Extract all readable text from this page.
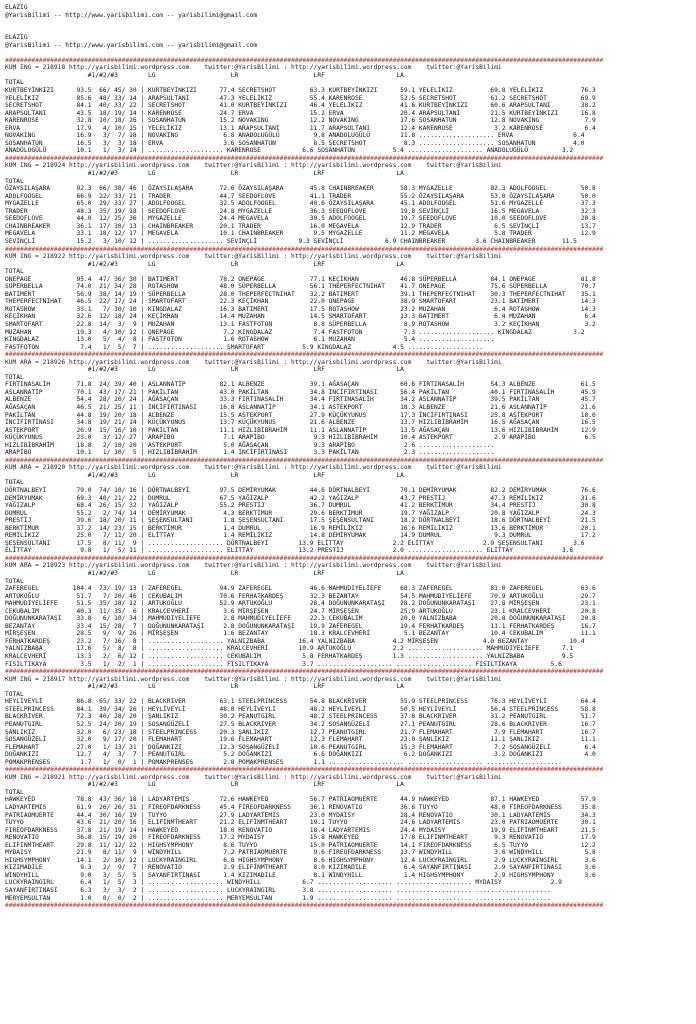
ELAZIG
@YarisBilimi -- http://www.yarisbilimi.com -- yarisbilimi@gmail.com
ELAZIG
@YarisBilimi -- http://www.yarisbilimi.com -- yarisbilimi@gmail.com
###############################################################################################################################################################
KUM ING = 218918 http://yarisbilimi.wordpress.com    twitter:@YarisBilimi : http://yarisbilimi.wordpress.com    twitter:@YarisBilimi
#1/#2/#3        LG                    LR                    LRF                   LA
TOTAL
KURTBEYİNKIZI      93.5  66/ 45/ 30 | KURTBEYİNKIZI      77.4 SECRETSHOT         63.3 KURTBEYİNKIZI      59.1 YELELİKIZ          69.8 YELELİKIZ          76.3
YELELİKIZ          85.6  48/ 33/ 14 | ARAPSULTANI        47.3 YELELİKIZ          55.4 KARENROSE          52.5 SECRETSHOT         61.2 SECRETSHOT         69.9
SECRETSHOT         84.1  40/ 33/ 22 | SECRETSHOT         41.0 KURTBEYİNKIZI      46.4 YELELİKIZ          41.6 KURTBEYİNKIZI      60.6 ARAPSULTANI        38.2
ARAPSULTANI        43.5  18/ 19/ 14 | KARENROSE          24.7 ERVA               15.2 ERVA               20.4 ARAPSULTANI        21.5 KURTBEYİNKIZI      16.8
KARENROSE          32.8  10/ 18/ 26 | SOSANHATUN         15.2 NOVAKING           12.2 NOVAKING           17.6 SOSANHATUN         12.8 NOVAKING            7.9
ERVA               17.9   4/ 10/ 15 | YELELİKIZ          13.1 ARAPSULTANI        11.7 ARAPSULTANI        12.4 KARENROSE           3.2 KARENROSE           6.4
NOVAKING           16.9   3/  7/ 18 | NOVAKING            6.8 ANADOLUGÜLÜ         9.8 ANADOLUGÜLÜ        11.8 .................... ERVA                6.4
SOSANHATUN         16.5   3/  3/ 18 | ERVA                3.6 SOSANHATUN          8.5 SECRETSHOT          8.3 .................... SOSANHATUN          4.0
ANADOLUGÜLÜ        10.1   1/  3/ 14 | .................... KARENROSE           6.6 SOSANHATUN          5.4 .................... ANADOLUGÜLÜ         3.2
###############################################################################################################################################################
KUM ING = 218924 http://yarisbilimi.wordpress.com    twitter:@YarisBilimi : http://yarisbilimi.wordpress.com    twitter:@YarisBilimi
#1/#2/#3        LG                    LR                    LRF                   LA
TOTAL
ÖZAYSILAŞARA       92.3  66/ 38/ 46 | ÖZAYSILAŞARA       72.6 ÖZAYSILAŞARA       45.8 CHAINBREAKER       58.3 MYGAZELLE          82.3 ADOLFOOGEL         50.8
ADOLFOOGEL         66.9  22/ 33/ 21 | TRADER             44.7 SEEDOFLOVE         41.1 TRADER             55.2 ÖZAYSILAŞARA       53.0 ÖZAYSILAŞARA       50.0
MYGAZELLE          65.0  29/ 33/ 27 | ADOLFOOGEL         32.5 ADOLFOOGEL         40.6 ÖZAYSILAŞARA       45.1 ADOLFOOGEL         51.6 MYGAZELLE          37.3
TRADER             48.3  35/ 19/ 18 | SEEDOFLOVE         24.8 MYGAZELLE          36.3 SEEDOFLOVE         19.8 SEVİNÇLİ           16.5 MEGAVELA           32.3
SEEDOFLOVE         44.0  12/ 25/ 36 | MYGAZELLE          24.4 MEGAVELA           30.5 ADOLFOOGEL         19.7 SEEDOFLOVE         10.0 SEEDOFLOVE         20.8
CHAINBREAKER       36.1  17/ 30/ 13 | CHAINBREAKER       20.1 TRADER             16.0 MEGAVELA           12.9 TRADER              6.5 SEVİNÇLİ           13.7
MEGAVELA           33.1  18/ 12/ 17 | MEGAVELA           10.1 CHAINBREAKER        9.5 MYGAZELLE          11.2 MEGAVELA            5.8 TRADER             12.9
SEVİNÇLİ           15.2   3/ 10/ 12 | .................... SEVİNÇLİ           9.3 SEVİNÇLİ           6.9 CHAINBREAKER        3.6 CHAINBREAKER       11.5
###############################################################################################################################################################
KUM ING = 218922 http://yarisbilimi.wordpress.com    twitter:@YarisBilimi : http://yarisbilimi.wordpress.com    twitter:@YarisBilimi
#1/#2/#3        LG                    LR                    LRF                   LA
TOTAL
ONEPAGE            95.4  47/ 36/ 30 | BATIMERT           78.2 ONEPAGE            77.1 KEÇİKHAN           46.8 SÜPERBELLA         84.1 ONEPAGE            81.8
SÜPERBELLA         74.0  21/ 34/ 28 | ROTASHOW           48.0 SÜPERBELLA         56.1 THEPERFECTNIHAT    41.7 ONEPAGE            75.6 SÜPERBELLA         70.7
BATIMERT           56.9  38/ 14/ 19 | SÜPERBELLA         28.0 THEPERFECTNIHAT    32.2 BATIMERT           39.1 THEPERFECTNIHAT    30.3 THEPERFECTNIHAT    35.1
THEPERFECTNIHAT    46.5  22/ 17/ 24 | SMARTOFART         22.3 KEÇİKHAN           22.0 ONEPAGE            38.9 SMARTOFART         23.1 BATIMERT           14.3
ROTASHOW           33.1   7/ 30/ 10 | KINGDALAZ          16.3 BATIMERT           17.5 ROTASHOW           23.2 MUZAHAN             6.4 ROTASHOW           14.3
KEÇİKHAN           32.6  12/ 18/ 24 | KEÇİKHAN           14.4 MUZAHAN            14.5 SMARTOFART         13.3 BATIMERT            6.4 MUZAHAN             6.4
SMARTOFART         22.8  14/  3/  9 | MUZAHAN            13.1 FASTFOTON           8.8 SÜPERBELLA          8.9 ROTASHOW            3.2 KEÇİKHAN            3.2
MUZAHAN            19.3   4/ 10/ 12 | ONEPAGE             7.2 KINGDALAZ           7.4 FASTFOTON           7.3 .................... KINGDALAZ           3.2
KINGDALAZ          13.0   5/  4/  8 | FASTFOTON           1.6 ROTASHOW            6.1 MUZAHAN             5.4 ....................
FASTFOTON           7.4   1/  5/  7 | .................... SMARTOFART          5.9 KINGDALAZ           4.5 ....................
###############################################################################################################################################################
KUM ARA = 218926 http://yarisbilimi.wordpress.com    twitter:@YarisBilimi : http://yarisbilimi.wordpress.com    twitter:@YarisBilimi
#1/#2/#3        LG                    LR                    LRF                   LA
TOTAL
FIRTINASALİH       71.8  24/ 39/ 40 | ASLANNATİP         82.1 ALBENZE            39.1 AĞASAÇAN           60.6 FIRTINASALİH       54.3 ALBENZE            61.5
ASLANNATİP         70.1  43/ 17/ 21 | PAKİLTAN           43.0 PAKİLTAN           34.8 İNCİFIRTINASI      56.4 PAKİLTAN           40.1 FIRTINASALİH       45.9
ALBENZE            54.4  28/ 20/ 24 | AĞASAÇAN           33.3 FIRTINASALİH       34.4 FIRTINASALİH       34.2 ASLANNATİP         39.5 PAKİLTAN           45.7
AĞASAÇAN           46.5  21/ 25/ 11 | İNCİFIRTINASI      16.8 ASLANNATİP         34.1 ASTEKPORT          18.3 ALBENZE            21.6 ASLANNATİP         21.6
PAKİLTAN           44.8  19/ 20/ 18 | ALBENZE            15.5 ASTEKPORT          27.9 KÜÇÜKYUNUS         17.3 İNCİFIRTINASI      25.8 ASTEKPORT          18.6
İNCİFIRTINASI      34.8  19/ 21/ 14 | KÜÇÜKYUNUS         13.7 KÜÇÜKYUNUS         21.6 ALBENZE            13.7 HIZLIBİBRAHİM      16.5 AĞASAÇAN           16.5
ASTEKPORT          26.9  15/ 16/ 10 | PAKİLTAN           11.1 HIZLIBİBRAHİM      11.1 ASLANNATİP         13.5 AĞASAÇAN           13.6 HIZLIBİBRAHİM      12.9
KÜÇÜKYUNUS         23.0   3/ 12/ 27 | ARAPİBO             7.1 ARAPİBO             9.3 HIZLIBİBRAHİM      10.4 ASTEKPORT           2.9 ARAPİBO             6.5
HIZLIBİBRAHİM      18.8   2/ 10/ 20 | ASTEKPORT           5.0 AĞASAÇAN            9.3 ARAPİBO             2.6 ....................
ARAPİBO            10.1   1/ 10/  5 | HIZLIBİBRAHİM       1.4 İNCİFIRTINASI       3.3 PAKİLTAN            2.3 ....................
###############################################################################################################################################################
KUM ARA = 218920 http://yarisbilimi.wordpress.com    twitter:@YarisBilimi : http://yarisbilimi.wordpress.com    twitter:@YarisBilimi
#1/#2/#3        LG                    LR                    LRF                   LA
TOTAL
DÖRTNALBEYİ        79.0  74/ 10/ 16 | DÖRTNALBEYİ        97.5 DEMİRYUMAK         44.6 DÖRTNALBEYİ        70.1 DEMİRYUMAK         82.2 DEMİRYUMAK         76.6
DEMİRYUMAK         69.3  40/ 21/ 22 | DUMRUL             67.5 YAĞIZALP           42.2 YAĞIZALP           43.7 PRESTİJ            47.3 REMİLİKIZ          31.6
YAĞIZALP           68.4  26/ 15/ 32 | YAĞIZALP           55.2 PRESTİJ            36.7 DUMRUL             41.2 BERKTİMUR          34.4 PRESTİJ            30.8
DUMRUL             55.2   2/ 74/ 14 | DEMİRYUMAK          4.3 BERKTİMUR          29.6 BERKTİMUR          19.7 YAĞIZALP           20.8 YAĞIZALP           24.3
PRESTİJ            39.6  18/ 20/ 11 | ŞEŞENSULTANI        1.8 ŞEŞENSULTANI       17.5 ŞEŞENSULTANI       18.2 DÖRTNALBEYİ        18.6 DÖRTNALBEYİ        21.5
BERKTİMUR          37.2  14/ 23/ 15 | BERKTİMUR           1.4 DUMRUL             16.9 REMİLİKIZ          16.6 REMİLİKIZ          13.6 BERKTİMUR          20.1
REMİLİKIZ          25.0   7/ 11/ 20 | ELİTTAY             1.4 REMİLİKIZ          14.8 DEMİRYUMAK         14.9 DUMRUL              9.3 DUMRUL             17.2
ŞEŞENSULTANI       17.5   8/ 11/  9 | .................... DÖRTNALBEYİ        13.9 ELİTTAY             2.2 ELİTTAY             2.9 ŞEŞENSULTANI        3.6
ELİTTAY             9.8   1/  5/ 11 | .................... ELİTTAY            13.2 PRESTİJ             2.0 .................... ELİTTAY             3.6
###############################################################################################################################################################
KUM ARA = 218923 http://yarisbilimi.wordpress.com    twitter:@YarisBilimi : http://yarisbilimi.wordpress.com    twitter:@YarisBilimi
#1/#2/#3        LG                    LR                    LRF                   LA
TOTAL
ZAFEREGEL         104.4  73/ 19/ 13 | ZAFEREGEL          94.9 ZAFEREGEL          46.6 MAHMUDIYELİEFE     68.3 ZAFEREGEL          81.0 ZAFEREGEL          63.6
ARTUKOĞLU          51.7   7/ 20/ 46 | CEKUBALIM          70.6 FERHATKARDEŞ       32.3 BEZANTAY           54.5 MAHMUDIYELİEFE     70.9 ARTUKOĞLU          29.7
MAHMUDIYELİEFE     51.5  35/ 18/ 12 | ARTUKOĞLU          52.9 ARTUKOĞLU          28.4 DOĞUNUNKARATAŞI    28.2 DOĞUNUNKARATAŞI    27.8 MİRŞEŞEN           23.1
CEKUBALIM          40.3  11/ 35/  6 | KRALCEVHERİ         3.6 MİRŞEŞEN           24.7 MİRŞEŞEN           25.9 ARTUKOĞLU          23.1 KRALCEVHERİ        20.8
DOĞUNUNKARATAŞI    33.8   6/ 10/ 34 | MAHMUDIYELİEFE      2.8 MAHMUDIYELİEFE     22.3 CEKUBALIM          20.0 YALNIZBABA         20.8 DOĞUNUNKARATAŞI    20.8
BEZANTAY           33.4  15/ 28/  7 | DOĞUNUNKARATAŞI     2.8 DOĞUNUNKARATAŞI    19.9 ZAFEREGEL          19.4 FERHATKARDEŞ       11.1 FERHATKARDEŞ       16.7
MİRŞEŞEN           28.5   9/  9/ 26 | MİRŞEŞEN            1.6 BEZANTAY           18.3 KRALCEVHERİ         5.1 BEZANTAY           10.4 CEKUBALIM          11.1
FERHATKARDEŞ       23.2   7/ 16/  8 | .................... YALNIZBABA         16.4 YALNIZBABA          4.2 MİRŞEŞEN            4.0 BEZANTAY           10.4
YALNIZBABA         17.6   5/  8/  8 | .................... KRALCEVHERİ        10.9 ARTUKOĞLU           2.2 .................... MAHMUDIYELİEFE      7.1
KRALCEVHERİ        13.3   2/  6/ 12 | .................... CEKUBALIM           5.8 FERHATKARDEŞ        1.3 .................... YALNIZBABA          9.5
FISILTIKAYA         3.5   1/  2/  1 | .................... FISILTIKAYA         3.7 .................... .................... FISILTIKAYA         5.6
###############################################################################################################################################################
KUM ING = 218917 http://yarisbilimi.wordpress.com    twitter:@YarisBilimi : http://yarisbilimi.wordpress.com    twitter:@YarisBilimi
#1/#2/#3        LG                    LR                    LRF                   LA
TOTAL
HEYLİVEYLİ         86.8  65/ 33/ 22 | BLACKRIVER         63.1 STEELPRINCESS      54.8 BLACKRIVER         55.9 STEELPRINCESS      76.3 HEYLİVEYLİ         64.4
STEELPRINCESS      84.1  39/ 34/ 26 | HEYLİVEYLİ         48.0 HEYLİVEYLİ         48.2 HEYLİVEYLİ         50.5 HEYLİVEYLİ         56.4 STEELPRINCESS      58.8
BLACKRIVER         72.3  40/ 28/ 20 | ŞANLIKIZ           30.2 PEANUTGIRL         48.2 STEELPRINCESS      37.8 BLACKRIVER         31.2 PEANUTGIRL         51.7
PEANUTGIRL         52.5  24/ 20/ 19 | SOSANGÜZELİ        27.5 BLACKRIVER         34.2 SOSANGÜZELİ        27.1 PEANUTGIRL         28.6 BLACKRIVER         16.7
ŞANLIKIZ           32.0   6/ 23/ 18 | STEELPRINCESS      20.3 ŞANLIKIZ           12.7 PEANUTGIRL         21.7 FLEMAHART           7.9 FLEMAHART          16.7
SOSANGÜZELİ        32.0   9/ 17/ 20 | FLEMAHART          19.6 FLEMAHART          12.3 FLEMAHART          23.0 ŞANLIKIZ           11.1 ŞANLIKIZ           11.1
FLEMAHART          27.0   1/ 13/ 31 | DOĞANKIZI          12.3 SOSANGÜZELİ        10.6 PEANUTGIRL         15.3 FLEMAHART           7.2 SOSANGÜZELİ         6.4
DOĞANKIZI          12.7   4/  3/  7 | PEANUTGIRL          5.2 DOĞANKIZI           6.6 DOĞANKIZI           6.2 DOĞANKIZI           3.2 DOĞANKIZI           4.0
POMAKPRENSES        1.7   1/  0/  1 | POMAKPRENSES        2.8 POMAKPRENSES        1.1 .................... .................... ....................
###############################################################################################################################################################
KUM ING = 218921 http://yarisbilimi.wordpress.com    twitter:@YarisBilimi : http://yarisbilimi.wordpress.com    twitter:@YarisBilimi
#1/#2/#3        LG                    LR                    LRF                   LA
TOTAL
HAWKEYED           78.8  43/ 36/ 18 | LADYARTEMIS        72.6 HAWKEYED           56.7 PATRIAOMUERTE      44.9 HAWKEYED           87.1 HAWKEYED           57.9
LADYARTEMIS        61.9  26/ 26/ 31 | FIREOFDARKNESS     45.4 FIREOFDARKNESS     36.1 RENOVATIO          36.6 TUYYO              48.0 FIREOFDARKNESS     35.8
PATRIAOMUERTE      44.4  30/ 16/ 19 | TUYYO              27.9 LADYARTEMIS        23.0 MYDAISY            28.4 RENOVATIO          30.1 LADYARTEMIS        34.3
TUYYO              43.6  21/ 20/ 16 | ELIFİNMTHEART      21.2 ELIFİNMTHEART      19.1 TUYYO              24.6 LADYARTEMIS        23.0 PATRIAOMUERTE      30.1
FIREOFDARKNESS     37.8  21/ 19/ 14 | HAWKEYED           18.0 RENOVATIO          18.4 LADYARTEMIS        24.4 MYDAISY            19.9 ELIFİNMTHEART      21.5
RENOVATIO          36.8  15/ 19/ 20 | FIREOFDARKNESS     17.2 MYDAISY            15.8 HAWKEYED           17.8 ELIFİNMTHEART       9.3 RENOVATIO          17.9
ELIFİNMTHEART      29.8  11/ 12/ 22 | HIGHSYMPHONY        8.6 TUYYO              15.0 PATRIAOMUERTE      14.1 FIREOFDARKNESS      6.5 TUYYO              12.2
MYDAISY            21.9   8/ 11/  9 | WINDYHILL           7.2 PATRIAOMUERTE       9.6 FIREOFDARKNESS     13.7 WINDYHILL           3.6 WINDYHILL           5.8
HIGHSYMPHONY       14.1   2/ 10/ 12 | LUCKYRAINGIRL       6.8 HIGHSYMPHONY        8.6 HIGHSYMPHONY       12.4 LUCKYRAINGIRL       2.9 LUCKYRAINGIRL       3.6
KIZIMADILE          9.3   2/  9/  7 | RENOVATIO           2.9 ELIFİNMTHEART       8.0 KIZIMADILE          6.4 SAYANFIRTINASI      2.9 SAYANFIRTINASI      3.6
WINDYHILL           9.0   3/  5/  5 | SAYANFIRTINASI      1.4 KIZIMADILE          8.1 WINDYHILL           1.4 HIGHSYMPHONY        2.9 HIGHSYMPHONY        3.6
LUCKYRAINGIRL       6.4   1/  5/  3 | .................... WINDYHILL           6.7 .................... .................... MYDAISY             2.9
SAYANFIRTINASI      6.3   3/  3/  2 | .................... LUCKYRAINGIRL       3.8 .................... .................... ....................
MERYEMSULTAN        1.0   0/  0/  2 | .................... MERYEMSULTAN        1.9 .................... .................... ....................
###############################################################################################################################################################
